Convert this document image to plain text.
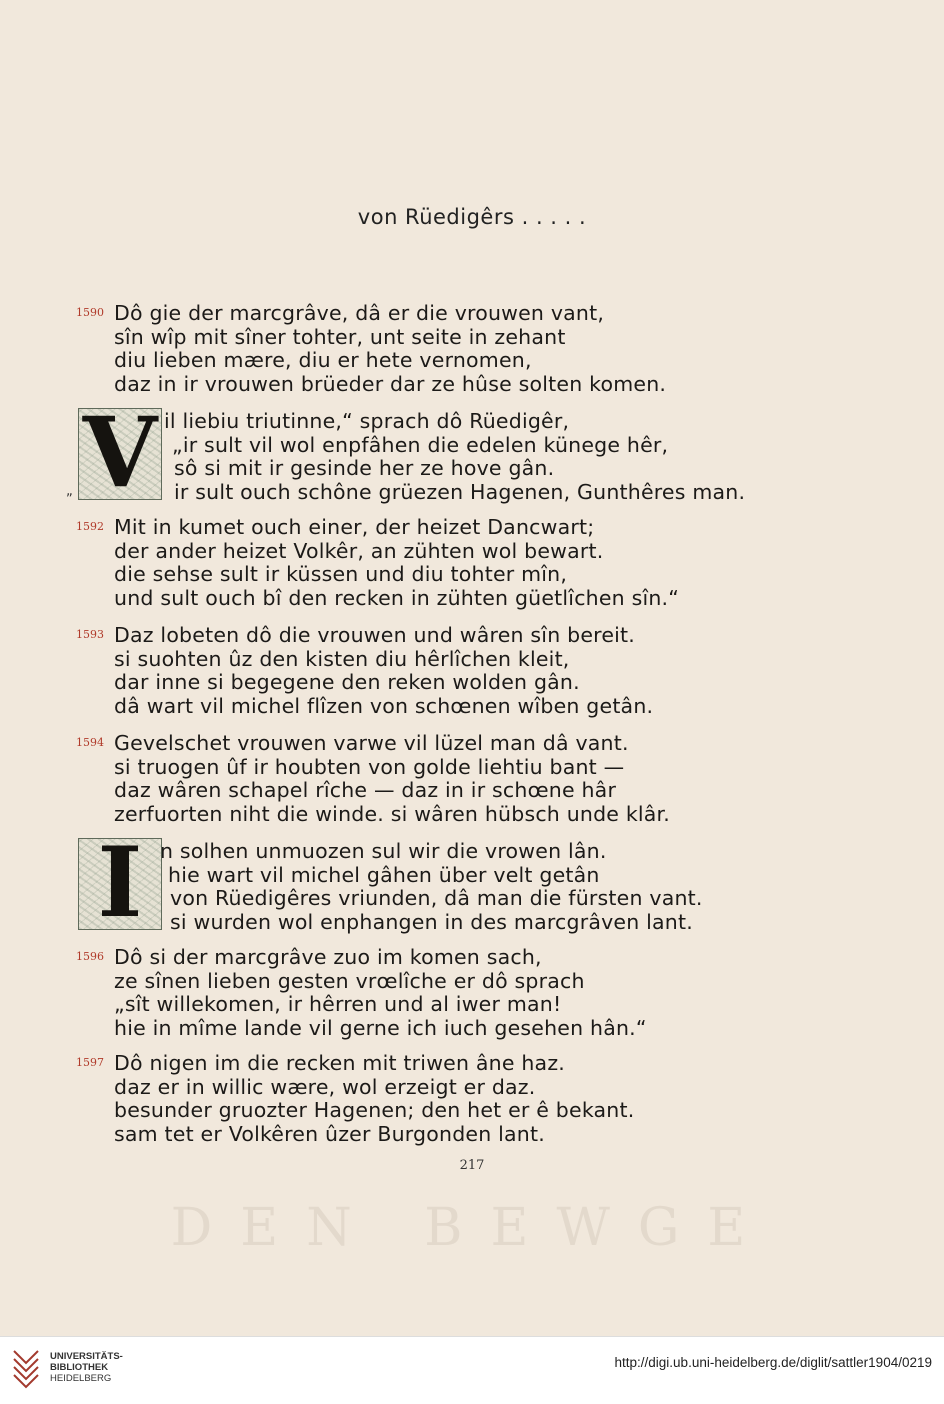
von Rüedigêrs . . . . .
1590 Dô gie der marcgrâve, dâ er die vrouwen vant,
sîn wîp mit sîner tohter, unt seite in zehant
diu lieben mære, diu er hete vernomen,
daz in ir vrouwen brüeder dar ze hûse solten komen.
V
„
il liebiu triutinne,“ sprach dô Rüedigêr,
„ir sult vil wol enpfâhen die edelen künege hêr,
sô si mit ir gesinde her ze hove gân.
ir sult ouch schône grüezen Hagenen, Gunthêres man.
1592 Mit in kumet ouch einer, der heizet Dancwart;
der ander heizet Volkêr, an zühten wol bewart.
die sehse sult ir küssen und diu tohter mîn,
und sult ouch bî den recken in zühten güetlîchen sîn.“
1593 Daz lobeten dô die vrouwen und wâren sîn bereit.
si suohten ûz den kisten diu hêrlîchen kleit,
dar inne si begegene den reken wolden gân.
dâ wart vil michel flîzen von schœnen wîben getân.
1594 Gevelschet vrouwen varwe vil lüzel man dâ vant.
si truogen ûf ir houbten von golde liehtiu bant —
daz wâren schapel rîche — daz in ir schœne hâr
zerfuorten niht die winde. si wâren hübsch unde klâr.
I n solhen unmuozen sul wir die vrowen lân.
hie wart vil michel gâhen über velt getân
von Rüedigêres vriunden, dâ man die fürsten vant.
si wurden wol enphangen in des marcgrâven lant.
1596 Dô si der marcgrâve zuo im komen sach,
ze sînen lieben gesten vrœlîche er dô sprach
„sît willekomen, ir hêrren und al iwer man!
hie in mîme lande vil gerne ich iuch gesehen hân.“
1597 Dô nigen im die recken mit triwen âne haz.
daz er in willic wære, wol erzeigt er daz.
besunder gruozter Hagenen; den het er ê bekant.
sam tet er Volkêren ûzer Burgonden lant.
217
DEN BEWGE
UNIVERSITÄTS-
BIBLIOTHEK
HEIDELBERG
http://digi.ub.uni-heidelberg.de/diglit/sattler1904/0219
